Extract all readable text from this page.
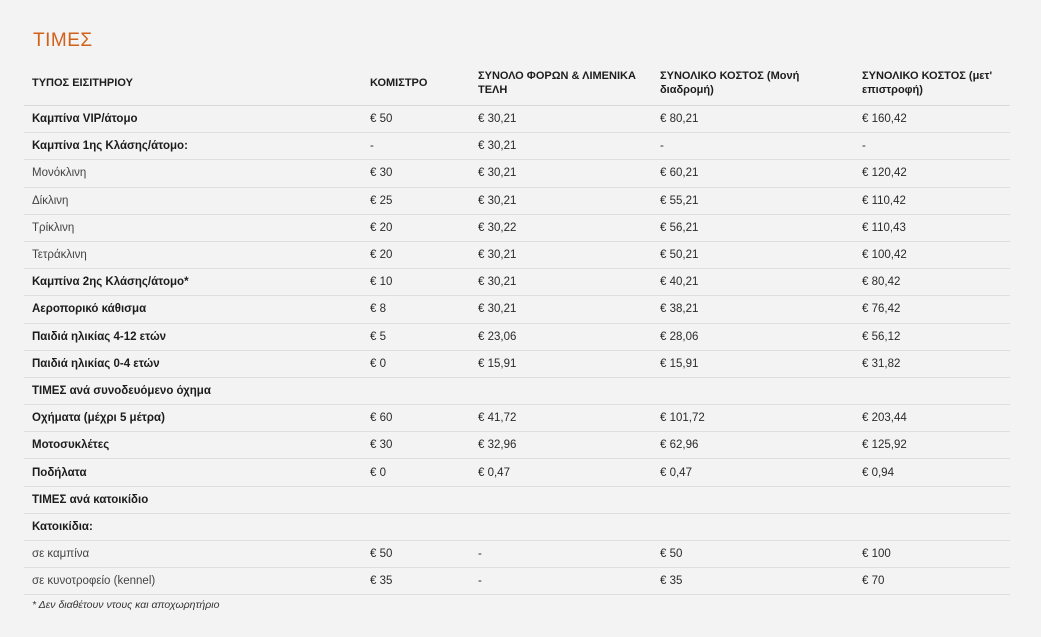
ΤΙΜΕΣ
ΤΥΠΟΣ ΕΙΣΙΤΗΡΙΟΥ	ΚΟΜΙΣΤΡΟ	ΣΥΝΟΛΟ ΦΟΡΩΝ & ΛΙΜΕΝΙΚΑ ΤΕΛΗ	ΣΥΝΟΛΙΚΟ ΚΟΣΤΟΣ (Μονή διαδρομή)	ΣΥΝΟΛΙΚΟ ΚΟΣΤΟΣ (μετ' επιστροφή)
Καμπίνα VIP/άτομο	€ 50	€ 30,21	€ 80,21	€ 160,42
Καμπίνα 1ης Κλάσης/άτομο:	-	€ 30,21	-	-
Μονόκλινη	€ 30	€ 30,21	€ 60,21	€ 120,42
Δίκλινη	€ 25	€ 30,21	€ 55,21	€ 110,42
Τρίκλινη	€ 20	€ 30,22	€ 56,21	€ 110,43
Τετράκλινη	€ 20	€ 30,21	€ 50,21	€ 100,42
Καμπίνα 2ης Κλάσης/άτομο*	€ 10	€ 30,21	€ 40,21	€ 80,42
Αεροπορικό κάθισμα	€ 8	€ 30,21	€ 38,21	€ 76,42
Παιδιά ηλικίας 4-12 ετών	€ 5	€ 23,06	€ 28,06	€ 56,12
Παιδιά ηλικίας 0-4 ετών	€ 0	€ 15,91	€ 15,91	€ 31,82
ΤΙΜΕΣ ανά συνοδευόμενο όχημα				
Οχήματα (μέχρι 5 μέτρα)	€ 60	€ 41,72	€ 101,72	€ 203,44
Μοτοσυκλέτες	€ 30	€ 32,96	€ 62,96	€ 125,92
Ποδήλατα	€ 0	€ 0,47	€ 0,47	€ 0,94
ΤΙΜΕΣ ανά κατοικίδιο				
Κατοικίδια:				
σε καμπίνα	€ 50	-	€ 50	€ 100
σε κυνοτροφείο (kennel)	€ 35	-	€ 35	€ 70
* Δεν διαθέτουν ντους και αποχωρητήριο
